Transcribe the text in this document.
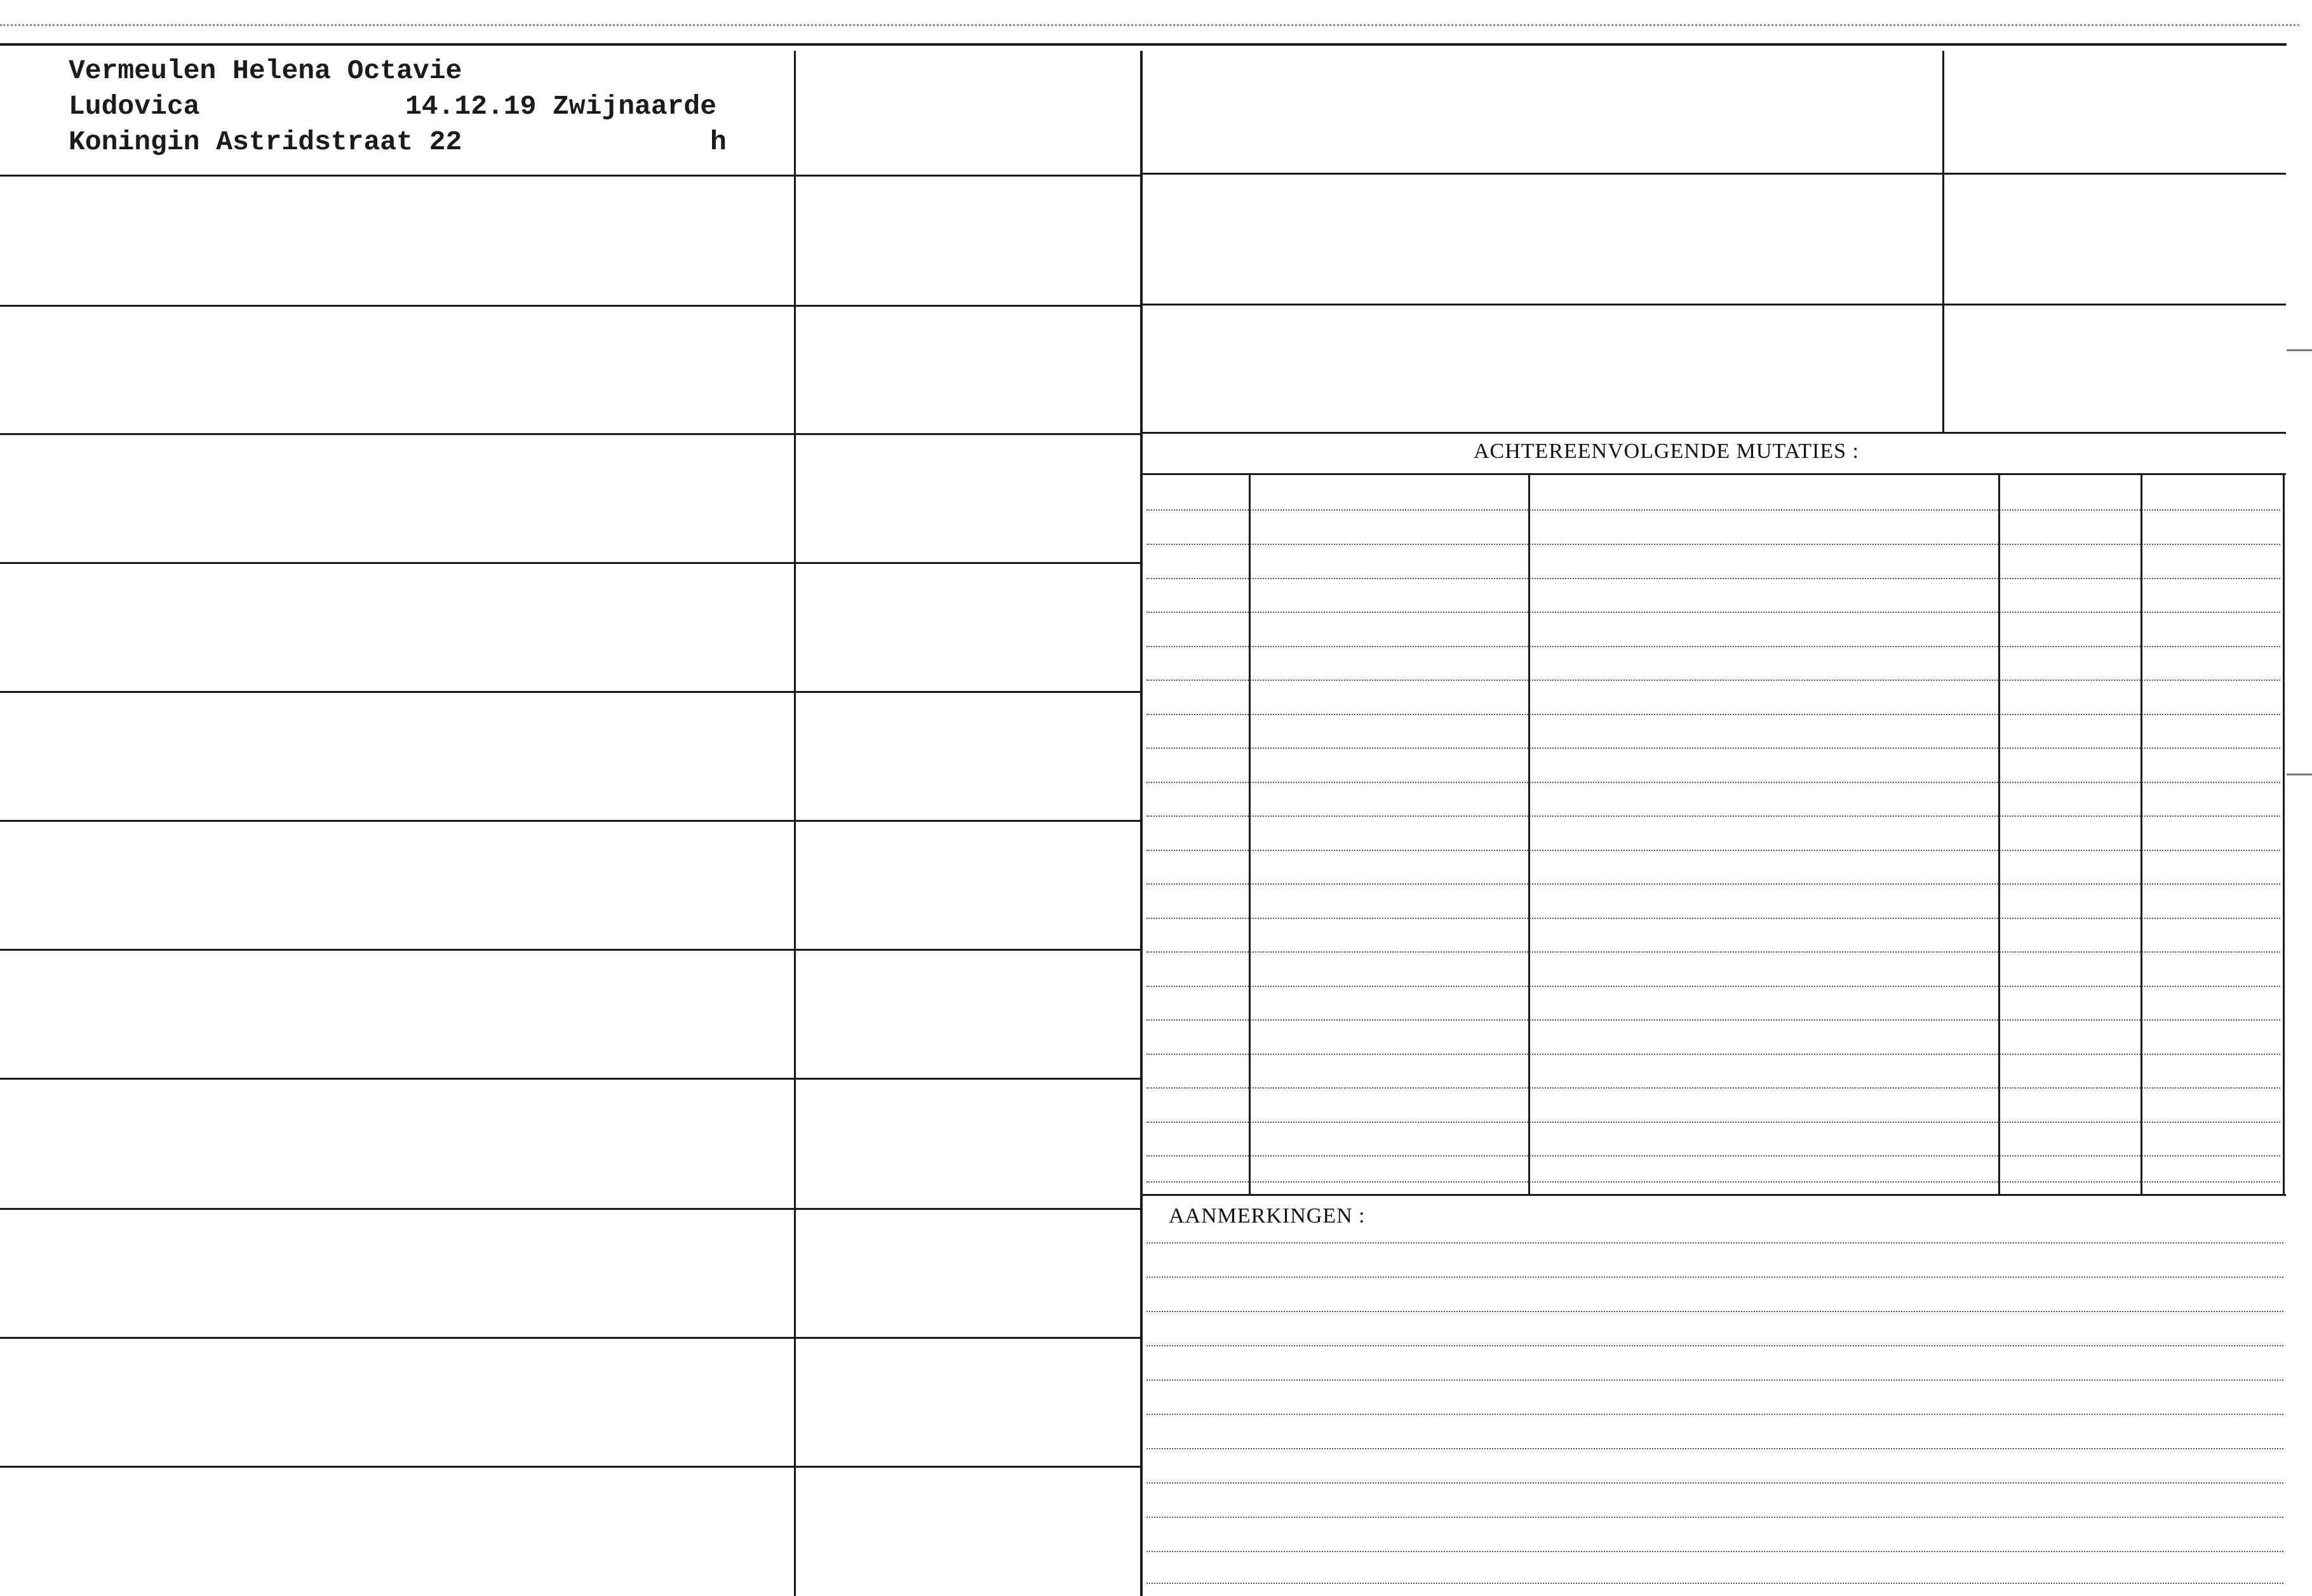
Vermeulen Helena Octavie
Ludovica	14.12.19 Zwijnaarde
Koningin Astridstraat 22	h
ACHTEREENVOLGENDE MUTATIES :
AANMERKINGEN :
